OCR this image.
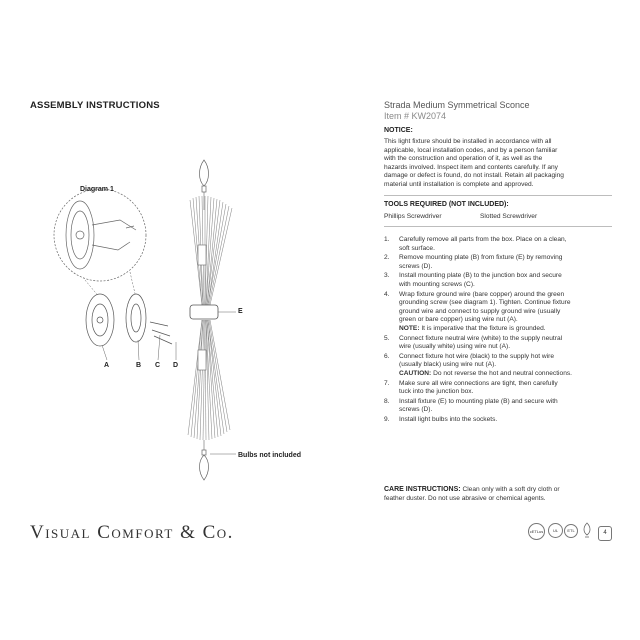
ASSEMBLY INSTRUCTIONS
Diagram 1
A	B C D
E
Bulbs not included
Strada Medium Symmetrical Sconce
Item # KW2074
NOTICE:
This light fixture should be installed in accordance with all
applicable, local installation codes, and by a person familiar
with the construction and operation of it, as well as the
hazards involved. Inspect item and contents carefully. If any
damage or defect is found, do not install. Retain all packaging
material until installation is complete and approved.
TOOLS REQUIRED (NOT INCLUDED):
Phillips Screwdriver	Slotted Screwdriver
1. Carefully remove all parts from the box. Place on a clean,
soft surface.
2. Remove mounting plate (B) from fixture (E) by removing
screws (D).
3. Install mounting plate (B) to the junction box and secure
with mounting screws (C).
4. Wrap fixture ground wire (bare copper) around the green
grounding screw (see diagram 1). Tighten. Continue fixture
ground wire and connect to supply ground wire (usually
green or bare copper) using wire nut (A).
NOTE: It is imperative that the fixture is grounded.
5. Connect fixture neutral wire (white) to the supply neutral
wire (usually white) using wire nut (A).
6. Connect fixture hot wire (black) to the supply hot wire
(usually black) using wire nut (A).
CAUTION: Do not reverse the hot and neutral connections.
7. Make sure all wire connections are tight, then carefully
tuck into the junction box.
8. Install fixture (E) to mounting plate (B) and secure with
screws (D).
9. Install light bulbs into the sockets.
CARE INSTRUCTIONS: Clean only with a soft dry cloth or
feather duster. Do not use abrasive or chemical agents.
Visual Comfort & Co.	cETLus	UL	ETL	4
